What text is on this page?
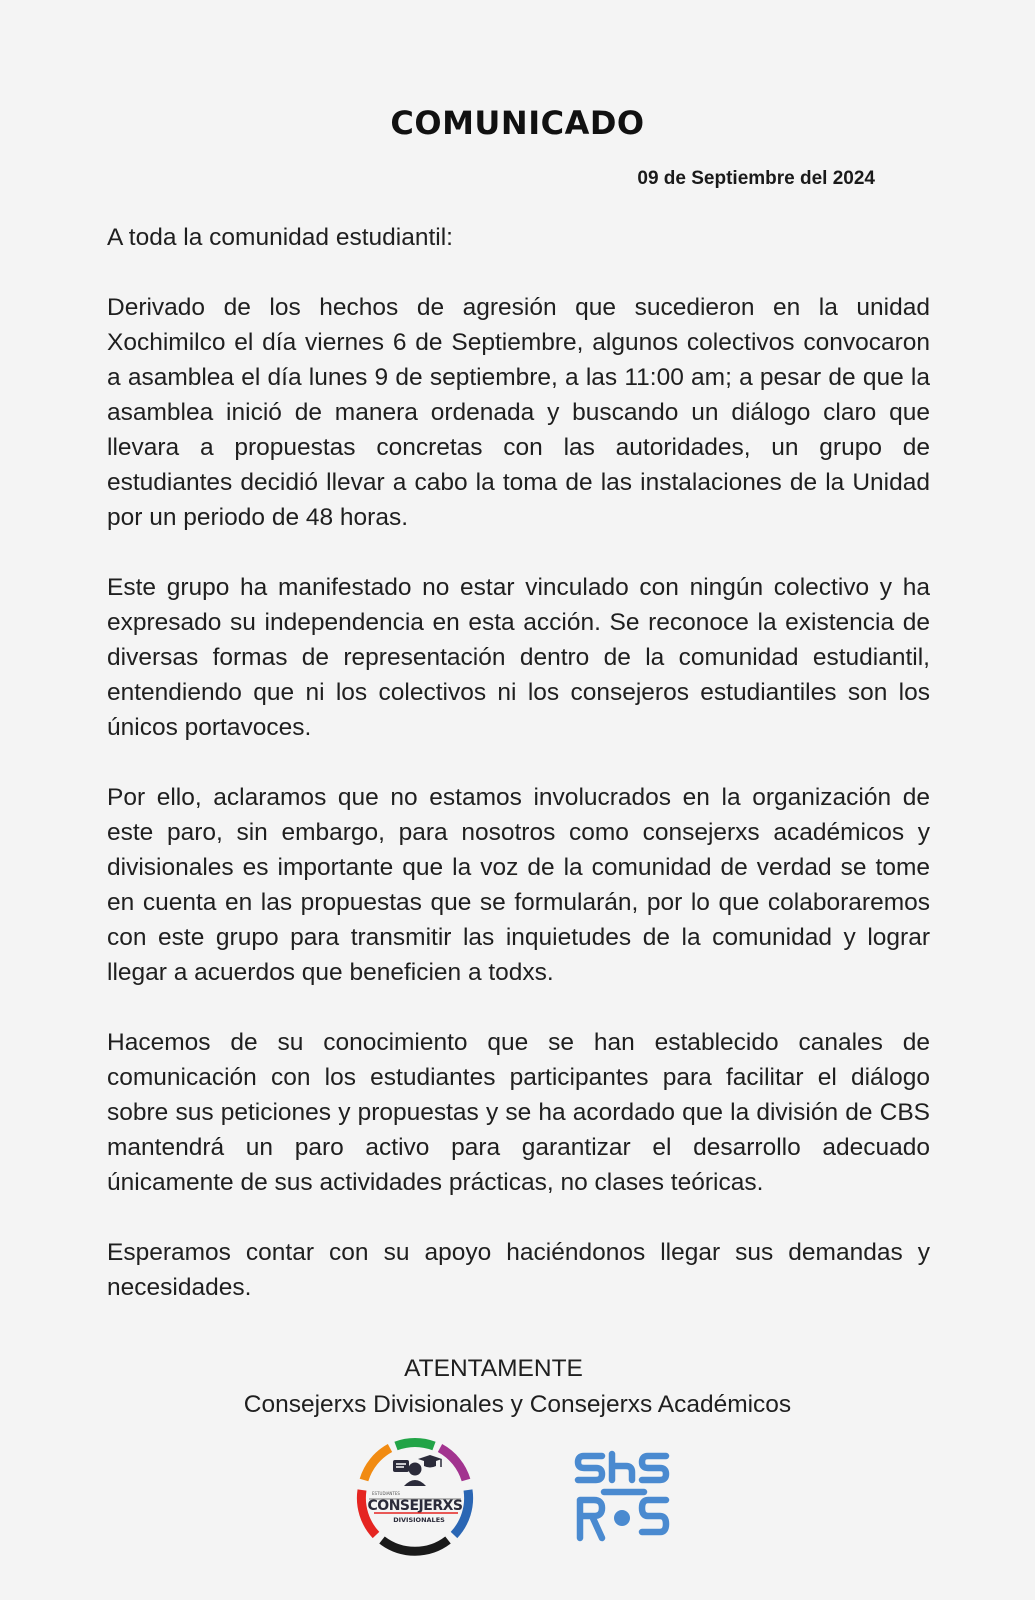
COMUNICADO
09 de Septiembre del 2024

A toda la comunidad estudiantil:

Derivado de los hechos de agresión que sucedieron en la unidad Xochimilco el día viernes 6 de Septiembre, algunos colectivos convocaron a asamblea el día lunes 9 de septiembre, a las 11:00 am; a pesar de que la asamblea inició de manera ordenada y buscando un diálogo claro que llevara a propuestas concretas con las autoridades, un grupo de estudiantes decidió llevar a cabo la toma de las instalaciones de la Unidad por un periodo de 48 horas.

Este grupo ha manifestado no estar vinculado con ningún colectivo y ha expresado su independencia en esta acción. Se reconoce la existencia de diversas formas de representación dentro de la comunidad estudiantil, entendiendo que ni los colectivos ni los consejeros estudiantiles son los únicos portavoces.

Por ello, aclaramos que no estamos involucrados en la organización de este paro, sin embargo, para nosotros como consejerxs académicos y divisionales es importante que la voz de la comunidad de verdad se tome en cuenta en las propuestas que se formularán, por lo que colaboraremos con este grupo para transmitir las inquietudes de la comunidad y lograr llegar a acuerdos que beneficien a todxs.

Hacemos de su conocimiento que se han establecido canales de comunicación con los estudiantes participantes para facilitar el diálogo sobre sus peticiones y propuestas y se ha acordado que la división de CBS mantendrá un paro activo para garantizar el desarrollo adecuado únicamente de sus actividades prácticas, no clases teóricas.

Esperamos contar con su apoyo haciéndonos llegar sus demandas y necesidades.

ATENTAMENTE
Consejerxs Divisionales y Consejerxs Académicos
ESTUDIANTES
CONSEJERXS
DIVISIONALES
